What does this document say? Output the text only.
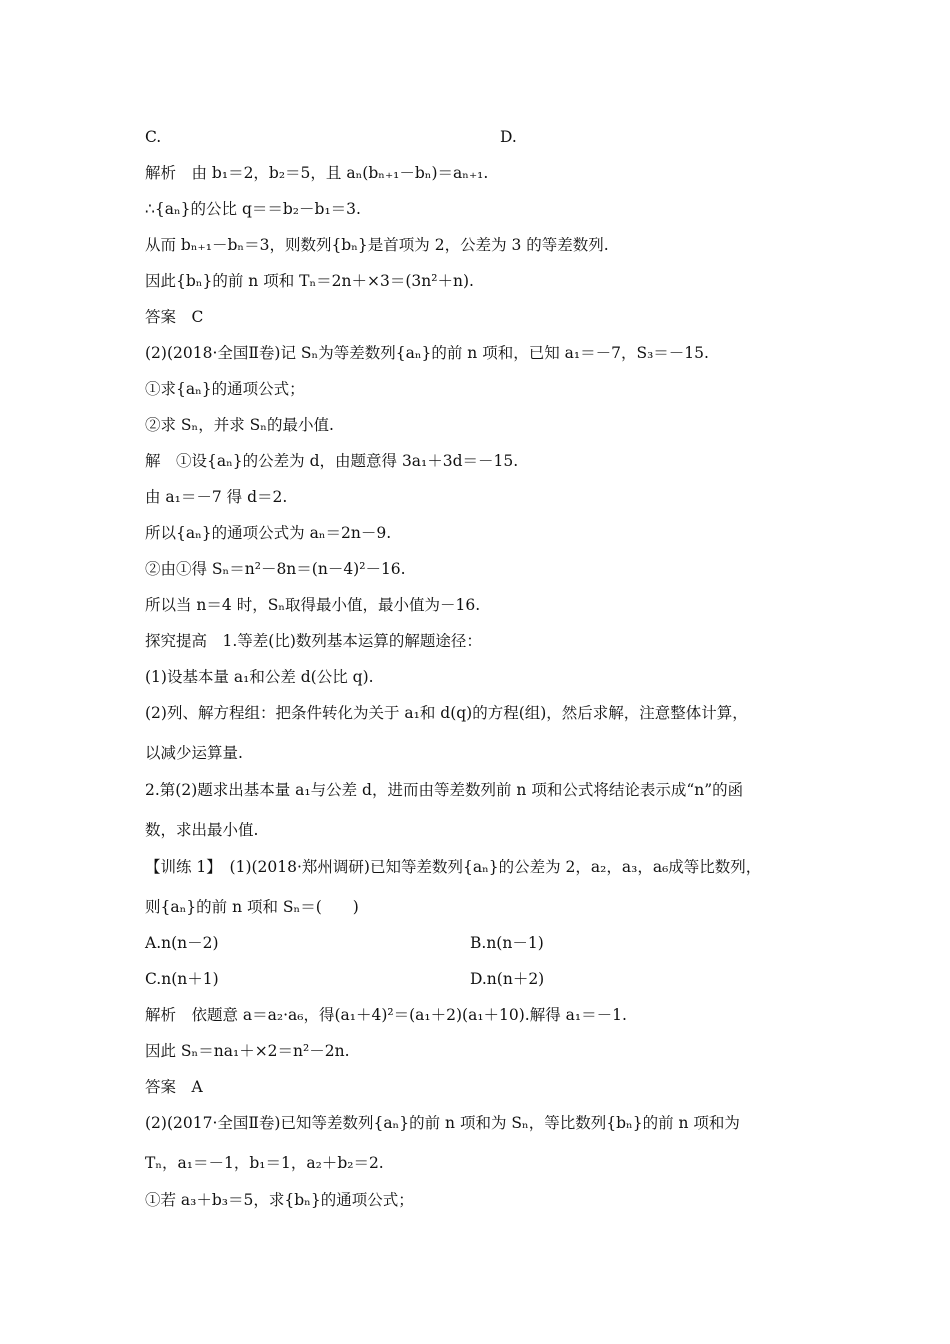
C.	D.
解析　由 b₁＝2，b₂＝5，且 aₙ(bₙ₊₁－bₙ)＝aₙ₊₁.
∴{aₙ}的公比 q＝＝b₂－b₁＝3.
从而 bₙ₊₁－bₙ＝3，则数列{bₙ}是首项为 2，公差为 3 的等差数列.
因此{bₙ}的前 n 项和 Tₙ＝2n＋×3＝(3n²＋n).
答案　C
(2)(2018·全国Ⅱ卷)记 Sₙ为等差数列{aₙ}的前 n 项和，已知 a₁＝－7，S₃＝－15.
①求{aₙ}的通项公式；
②求 Sₙ，并求 Sₙ的最小值.
解　①设{aₙ}的公差为 d，由题意得 3a₁＋3d＝－15.
由 a₁＝－7 得 d＝2.
所以{aₙ}的通项公式为 aₙ＝2n－9.
②由①得 Sₙ＝n²－8n＝(n－4)²－16.
所以当 n＝4 时，Sₙ取得最小值，最小值为－16.
探究提高　1.等差(比)数列基本运算的解题途径：
(1)设基本量 a₁和公差 d(公比 q).
(2)列、解方程组：把条件转化为关于 a₁和 d(q)的方程(组)，然后求解，注意整体计算，
以减少运算量.
2.第(2)题求出基本量 a₁与公差 d，进而由等差数列前 n 项和公式将结论表示成“n”的函
数，求出最小值.
【训练 1】　(1)(2018·郑州调研)已知等差数列{aₙ}的公差为 2，a₂，a₃，a₆成等比数列，
则{aₙ}的前 n 项和 Sₙ＝(　　)
A.n(n－2)	B.n(n－1)
C.n(n＋1)	D.n(n＋2)
解析　依题意 a＝a₂·a₆，得(a₁＋4)²＝(a₁＋2)(a₁＋10).解得 a₁＝－1.
因此 Sₙ＝na₁＋×2＝n²－2n.
答案　A
(2)(2017·全国Ⅱ卷)已知等差数列{aₙ}的前 n 项和为 Sₙ，等比数列{bₙ}的前 n 项和为
Tₙ，a₁＝－1，b₁＝1，a₂＋b₂＝2.
①若 a₃＋b₃＝5，求{bₙ}的通项公式；
